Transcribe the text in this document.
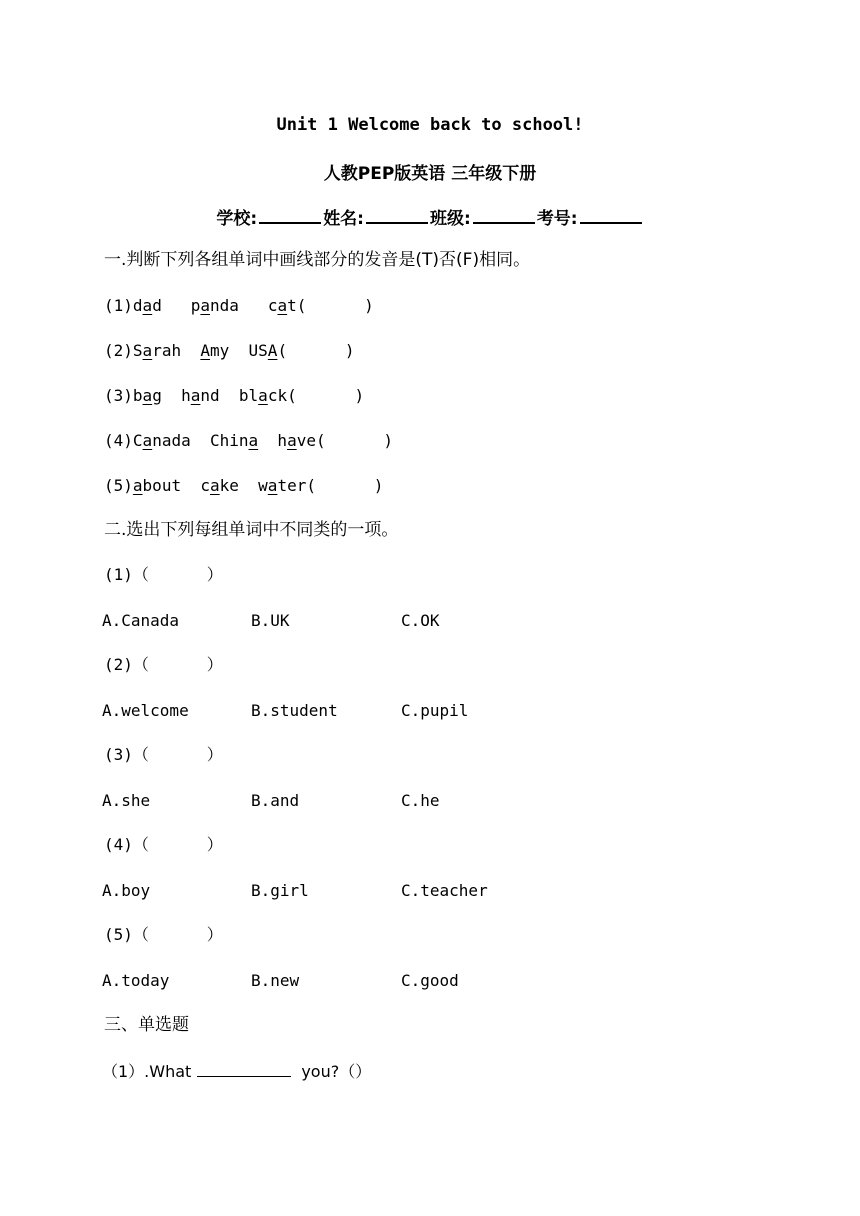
Unit 1 Welcome back to school!
人教PEP版英语 三年级下册
学校:	姓名:	班级:	考号:
一.判断下列各组单词中画线部分的发音是(T)否(F)相同。
(1)dad panda cat(      )
(2)Sarah Amy USA(      )
(3)bag hand black(      )
(4)Canada China have(      )
(5)about cake water(      )
二.选出下列每组单词中不同类的一项。
(1)（      ）
A.Canada	B.UK	C.OK
(2)（      ）
A.welcome	B.student	C.pupil
(3)（      ）
A.she	B.and	C.he
(4)（      ）
A.boy	B.girl	C.teacher
(5)（      ）
A.today	B.new	C.good
三、单选题
（1）.What	you?（）
